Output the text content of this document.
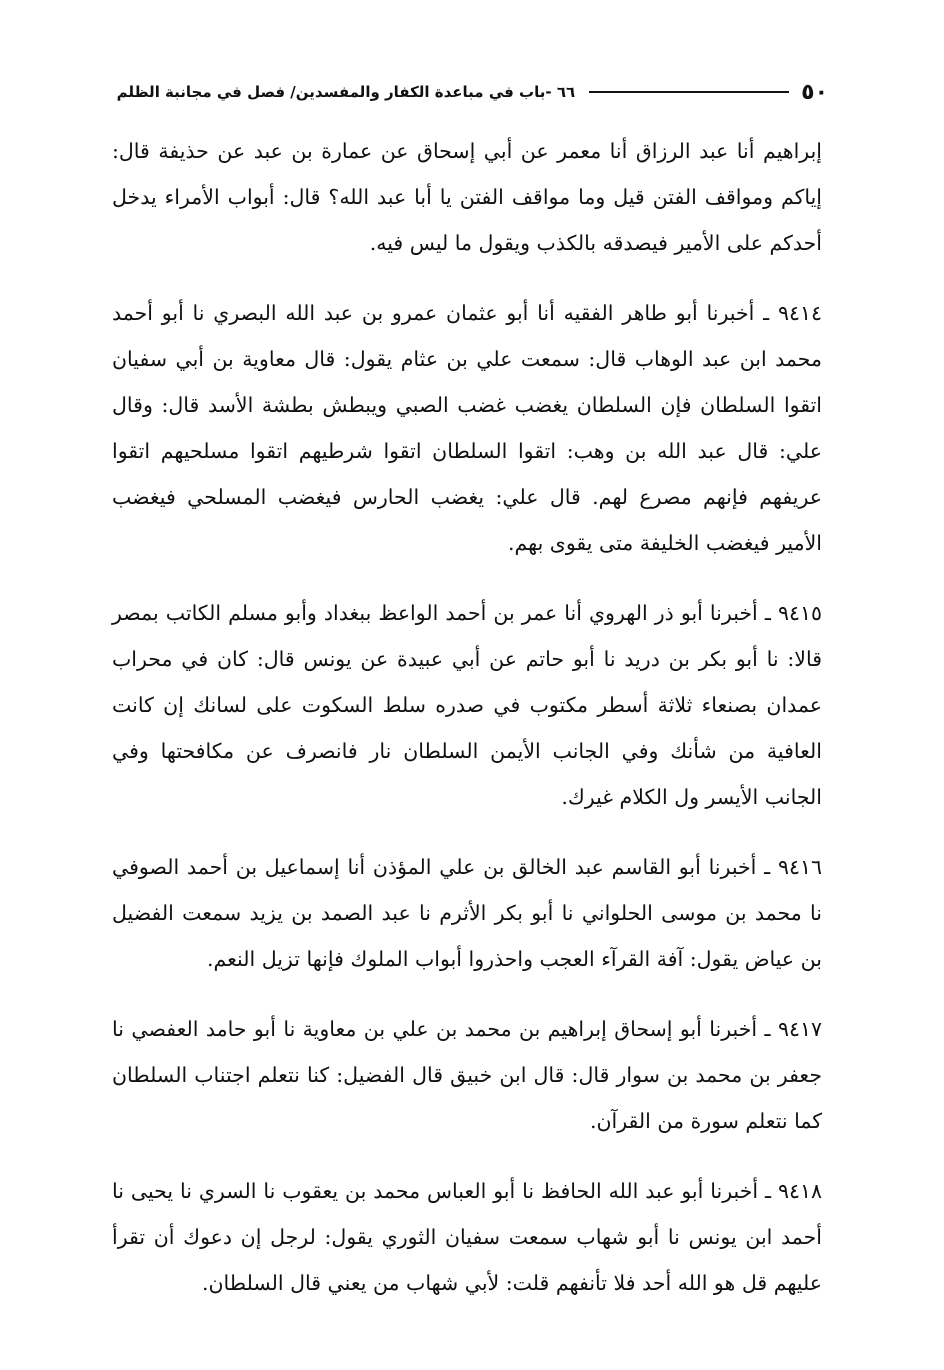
٥٠
٦٦ -باب في مباعدة الكفار والمفسدين/ فصل في مجانبة الظلم

إبراهيم أنا عبد الرزاق أنا معمر عن أبي إسحاق عن عمارة بن عبد عن حذيفة قال: إياكم ومواقف الفتن قيل وما مواقف الفتن يا أبا عبد الله؟ قال: أبواب الأمراء يدخل أحدكم على الأمير فيصدقه بالكذب ويقول ما ليس فيه.

٩٤١٤ ـ أخبرنا أبو طاهر الفقيه أنا أبو عثمان عمرو بن عبد الله البصري نا أبو أحمد محمد ابن عبد الوهاب قال: سمعت علي بن عثام يقول: قال معاوية بن أبي سفيان اتقوا السلطان فإن السلطان يغضب غضب الصبي ويبطش بطشة الأسد قال: وقال علي: قال عبد الله بن وهب: اتقوا السلطان اتقوا شرطيهم اتقوا مسلحيهم اتقوا عريفهم فإنهم مصرع لهم. قال علي: يغضب الحارس فيغضب المسلحي فيغضب الأمير فيغضب الخليفة متى يقوى بهم.

٩٤١٥ ـ أخبرنا أبو ذر الهروي أنا عمر بن أحمد الواعظ ببغداد وأبو مسلم الكاتب بمصر قالا: نا أبو بكر بن دريد نا أبو حاتم عن أبي عبيدة عن يونس قال: كان في محراب عمدان بصنعاء ثلاثة أسطر مكتوب في صدره سلط السكوت على لسانك إن كانت العافية من شأنك وفي الجانب الأيمن السلطان نار فانصرف عن مكافحتها وفي الجانب الأيسر ول الكلام غيرك.

٩٤١٦ ـ أخبرنا أبو القاسم عبد الخالق بن علي المؤذن أنا إسماعيل بن أحمد الصوفي نا محمد بن موسى الحلواني نا أبو بكر الأثرم نا عبد الصمد بن يزيد سمعت الفضيل بن عياض يقول: آفة القرآء العجب واحذروا أبواب الملوك فإنها تزيل النعم.

٩٤١٧ ـ أخبرنا أبو إسحاق إبراهيم بن محمد بن علي بن معاوية نا أبو حامد العفصي نا جعفر بن محمد بن سوار قال: قال ابن خبيق قال الفضيل: كنا نتعلم اجتناب السلطان كما نتعلم سورة من القرآن.

٩٤١٨ ـ أخبرنا أبو عبد الله الحافظ نا أبو العباس محمد بن يعقوب نا السري نا يحيى نا أحمد ابن يونس نا أبو شهاب سمعت سفيان الثوري يقول: لرجل إن دعوك أن تقرأ عليهم قل هو الله أحد فلا تأنفهم قلت: لأبي شهاب من يعني قال السلطان.
